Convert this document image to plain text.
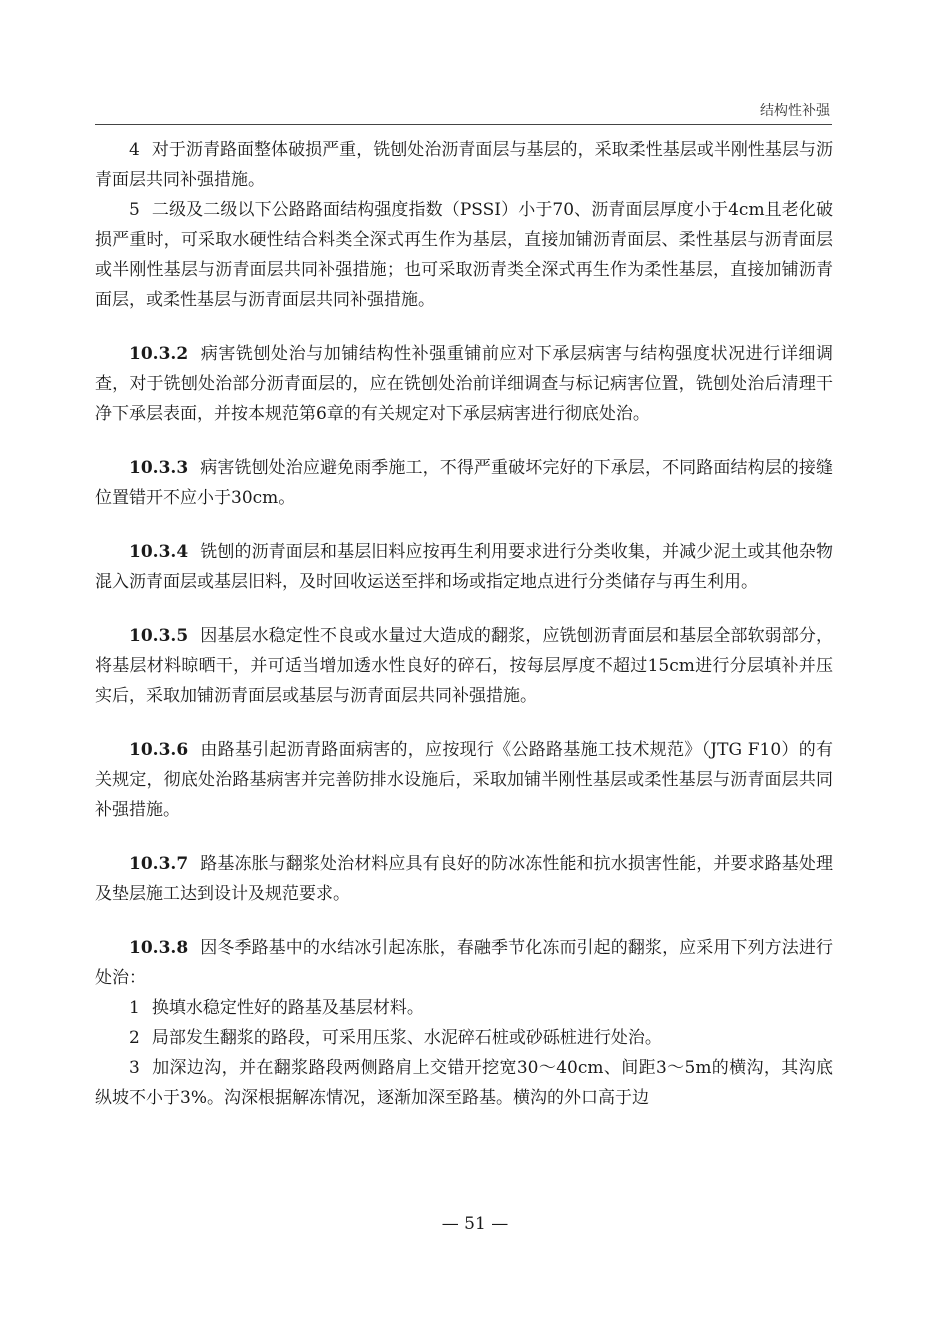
结构性补强

4 对于沥青路面整体破损严重，铣刨处治沥青面层与基层的，采取柔性基层或半刚性基层与沥青面层共同补强措施。

5 二级及二级以下公路路面结构强度指数（PSSI）小于70、沥青面层厚度小于4cm且老化破损严重时，可采取水硬性结合料类全深式再生作为基层，直接加铺沥青面层、柔性基层与沥青面层或半刚性基层与沥青面层共同补强措施；也可采取沥青类全深式再生作为柔性基层，直接加铺沥青面层，或柔性基层与沥青面层共同补强措施。

10.3.2 病害铣刨处治与加铺结构性补强重铺前应对下承层病害与结构强度状况进行详细调查，对于铣刨处治部分沥青面层的，应在铣刨处治前详细调查与标记病害位置，铣刨处治后清理干净下承层表面，并按本规范第6章的有关规定对下承层病害进行彻底处治。

10.3.3 病害铣刨处治应避免雨季施工，不得严重破坏完好的下承层，不同路面结构层的接缝位置错开不应小于30cm。

10.3.4 铣刨的沥青面层和基层旧料应按再生利用要求进行分类收集，并减少泥土或其他杂物混入沥青面层或基层旧料，及时回收运送至拌和场或指定地点进行分类储存与再生利用。

10.3.5 因基层水稳定性不良或水量过大造成的翻浆，应铣刨沥青面层和基层全部软弱部分，将基层材料晾晒干，并可适当增加透水性良好的碎石，按每层厚度不超过15cm进行分层填补并压实后，采取加铺沥青面层或基层与沥青面层共同补强措施。

10.3.6 由路基引起沥青路面病害的，应按现行《公路路基施工技术规范》（JTG F10）的有关规定，彻底处治路基病害并完善防排水设施后，采取加铺半刚性基层或柔性基层与沥青面层共同补强措施。

10.3.7 路基冻胀与翻浆处治材料应具有良好的防冰冻性能和抗水损害性能，并要求路基处理及垫层施工达到设计及规范要求。

10.3.8 因冬季路基中的水结冰引起冻胀，春融季节化冻而引起的翻浆，应采用下列方法进行处治：

1 换填水稳定性好的路基及基层材料。

2 局部发生翻浆的路段，可采用压浆、水泥碎石桩或砂砾桩进行处治。

3 加深边沟，并在翻浆路段两侧路肩上交错开挖宽30～40cm、间距3～5m的横沟，其沟底纵坡不小于3%。沟深根据解冻情况，逐渐加深至路基。横沟的外口高于边

— 51 —
